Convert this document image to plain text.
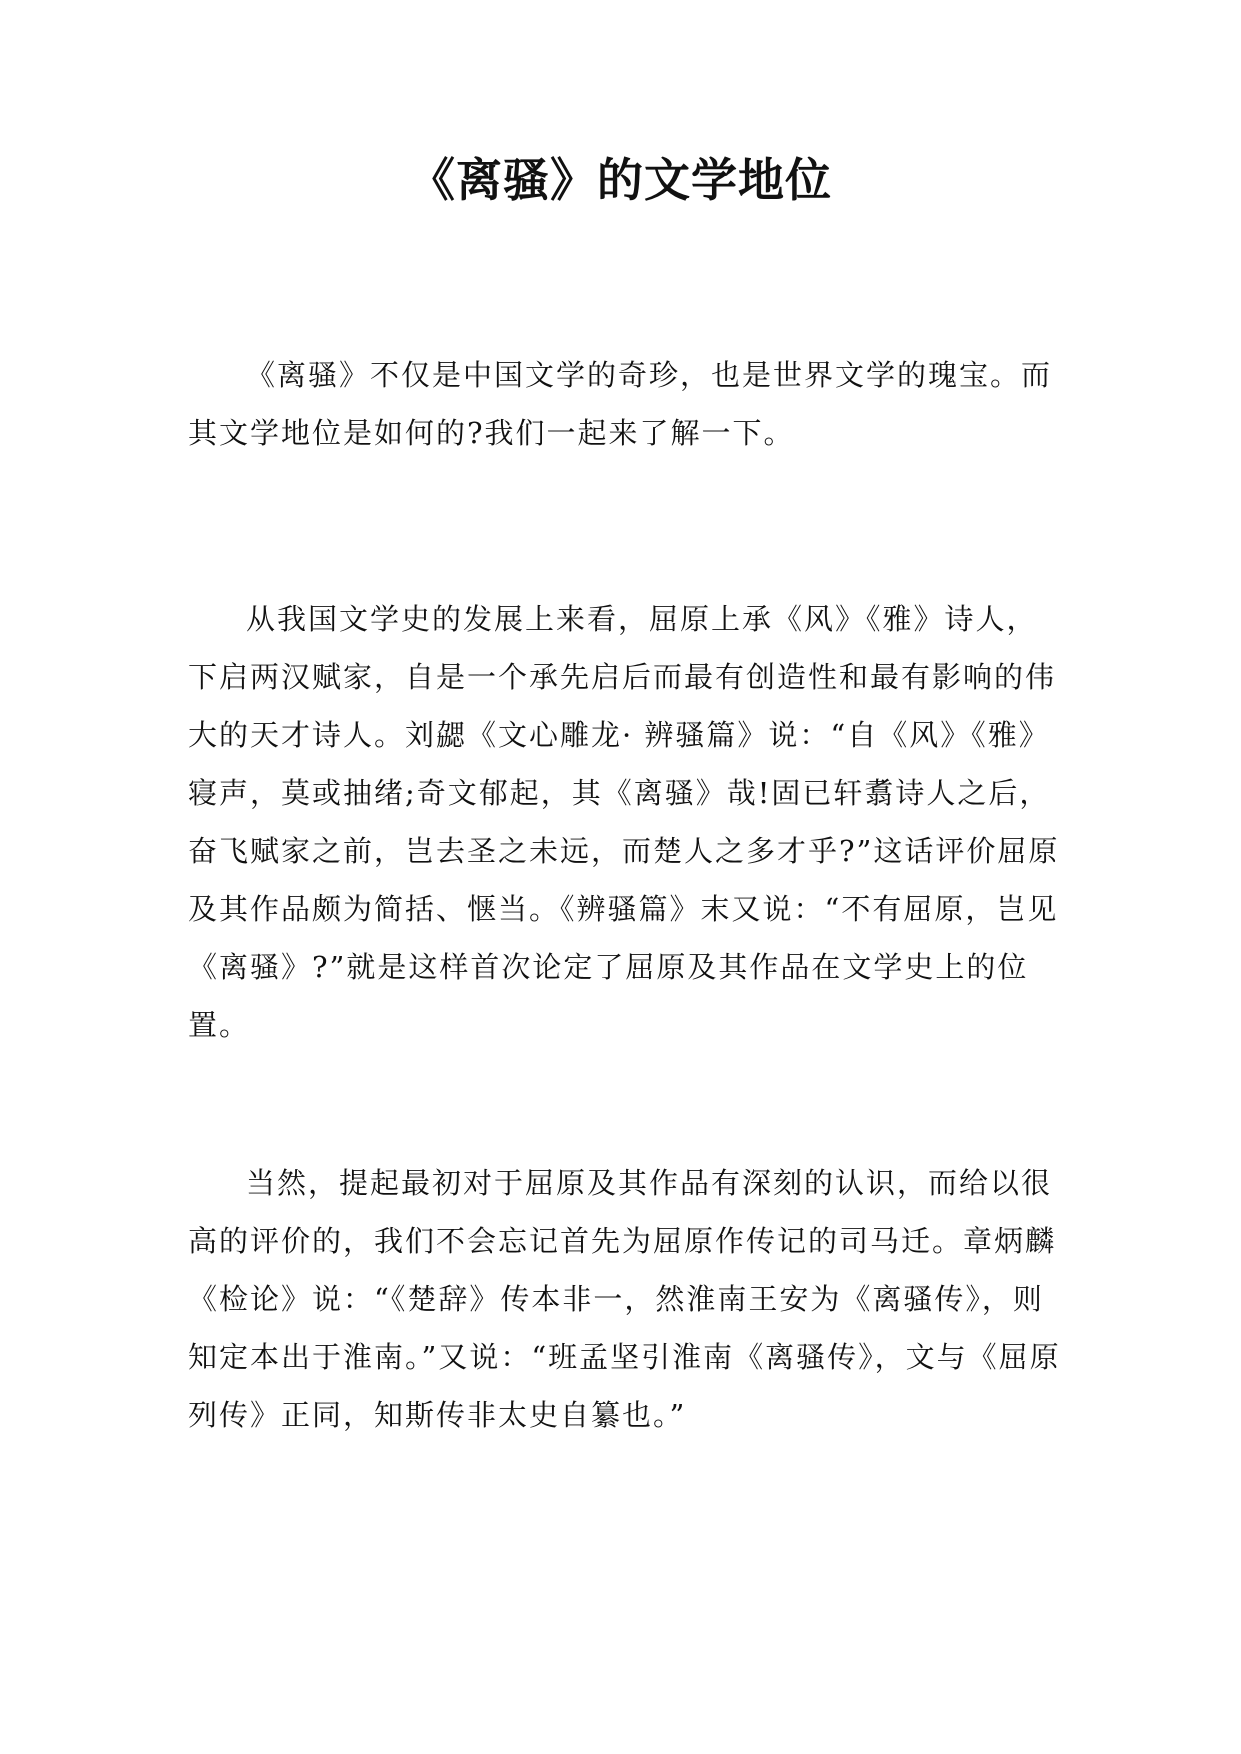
《离骚》的文学地位

《离骚》不仅是中国文学的奇珍，也是世界文学的瑰宝。而其文学地位是如何的?我们一起来了解一下。

从我国文学史的发展上来看，屈原上承《风》《雅》诗人，下启两汉赋家，自是一个承先启后而最有创造性和最有影响的伟大的天才诗人。刘勰《文心雕龙· 辨骚篇》说：“自《风》《雅》寝声，莫或抽绪;奇文郁起，其《离骚》哉!固已轩翥诗人之后，奋飞赋家之前，岂去圣之未远，而楚人之多才乎?”这话评价屈原及其作品颇为简括、惬当。《辨骚篇》末又说：“不有屈原，岂见《离骚》?”就是这样首次论定了屈原及其作品在文学史上的位置。

当然，提起最初对于屈原及其作品有深刻的认识，而给以很高的评价的，我们不会忘记首先为屈原作传记的司马迁。章炳麟《检论》说：“《楚辞》传本非一，然淮南王安为《离骚传》，则知定本出于淮南。”又说：“班孟坚引淮南《离骚传》，文与《屈原列传》正同，知斯传非太史自纂也。”
